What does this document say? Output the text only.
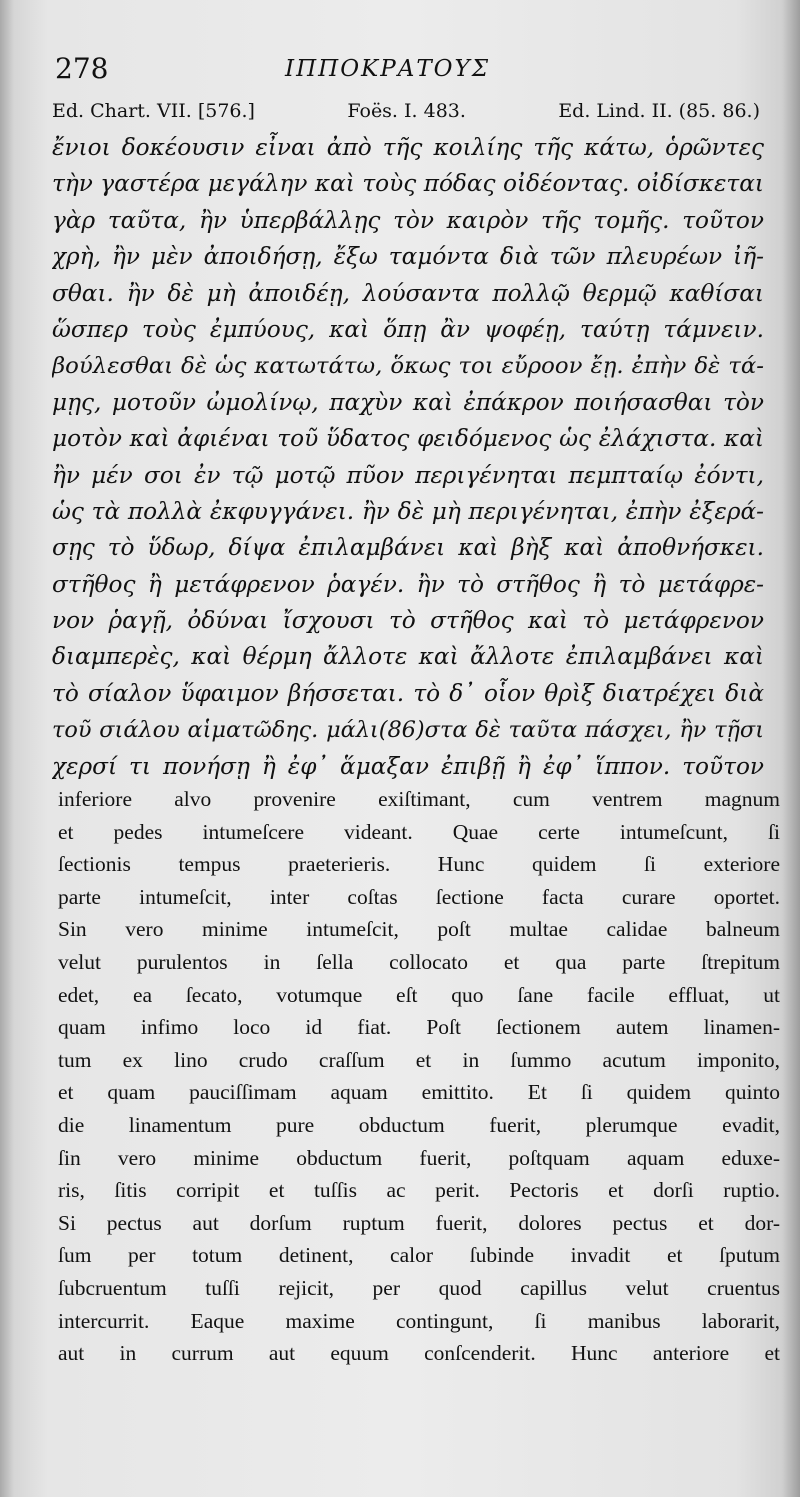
278	ΙΠΠΟΚΡΑΤΟΥΣ
Ed. Chart. VII. [576.]	Foës. I. 483.	Ed. Lind. II. (85. 86.)
ἔνιοι δοκέουσιν εἶναι ἀπὸ τῆς κοιλίης τῆς κάτω, ὁρῶντες
τὴν γαστέρα μεγάλην καὶ τοὺς πόδας οἰδέοντας. οἰδίσκεται
γὰρ ταῦτα, ἢν ὑπερβάλλῃς τὸν καιρὸν τῆς τομῆς. τοῦτον
χρὴ, ἢν μὲν ἀποιδήσῃ, ἔξω ταμόντα διὰ τῶν πλευρέων ἰῆ-
σθαι. ἢν δὲ μὴ ἀποιδέῃ, λούσαντα πολλῷ θερμῷ καθίσαι
ὥσπερ τοὺς ἐμπύους, καὶ ὅπῃ ἂν ψοφέῃ, ταύτῃ τάμνειν.
βούλεσθαι δὲ ὡς κατωτάτω, ὅκως τοι εὔροον ἔῃ. ἐπὴν δὲ τά-
μῃς, μοτοῦν ὠμολίνῳ, παχὺν καὶ ἐπάκρον ποιήσασθαι τὸν
μοτὸν καὶ ἀφιέναι τοῦ ὕδατος φειδόμενος ὡς ἐλάχιστα. καὶ
ἢν μέν σοι ἐν τῷ μοτῷ πῦον περιγένηται πεμπταίῳ ἐόντι,
ὡς τὰ πολλὰ ἐκφυγγάνει. ἢν δὲ μὴ περιγένηται, ἐπὴν ἐξερά-
σῃς τὸ ὕδωρ, δίψα ἐπιλαμβάνει καὶ βὴξ καὶ ἀποθνήσκει.
στῆθος ἢ μετάφρενον ῥαγέν. ἢν τὸ στῆθος ἢ τὸ μετάφρε-
νον ῥαγῇ, ὀδύναι ἴσχουσι τὸ στῆθος καὶ τὸ μετάφρενον
διαμπερὲς, καὶ θέρμη ἄλλοτε καὶ ἄλλοτε ἐπιλαμβάνει καὶ
τὸ σίαλον ὕφαιμον βήσσεται. τὸ δ᾽ οἷον θρὶξ διατρέχει διὰ
τοῦ σιάλου αἱματῶδης. μάλι(86)στα δὲ ταῦτα πάσχει, ἢν τῇσι
χερσί τι πονήσῃ ἢ ἐφ᾽ ἅμαξαν ἐπιβῇ ἢ ἐφ᾽ ἵππον. τοῦτον
inferiore alvo provenire exiſtimant, cum ventrem magnum
et pedes intumeſcere videant. Quae certe intumeſcunt, ſi
ſectionis tempus praeterieris. Hunc quidem ſi exteriore
parte intumeſcit, inter coſtas ſectione facta curare oportet.
Sin vero minime intumeſcit, poſt multae calidae balneum
velut purulentos in ſella collocato et qua parte ſtrepitum
edet, ea ſecato, votumque eſt quo ſane facile effluat, ut
quam infimo loco id fiat. Poſt ſectionem autem linamen-
tum ex lino crudo craſſum et in ſummo acutum imponito,
et quam pauciſſimam aquam emittito. Et ſi quidem quinto
die linamentum pure obductum fuerit, plerumque evadit,
ſin vero minime obductum fuerit, poſtquam aquam eduxe-
ris, ſitis corripit et tuſſis ac perit. Pectoris et dorſi ruptio.
Si pectus aut dorſum ruptum fuerit, dolores pectus et dor-
ſum per totum detinent, calor ſubinde invadit et ſputum
ſubcruentum tuſſi rejicit, per quod capillus velut cruentus
intercurrit. Eaque maxime contingunt, ſi manibus laborarit,
aut in currum aut equum conſcenderit. Hunc anteriore et
